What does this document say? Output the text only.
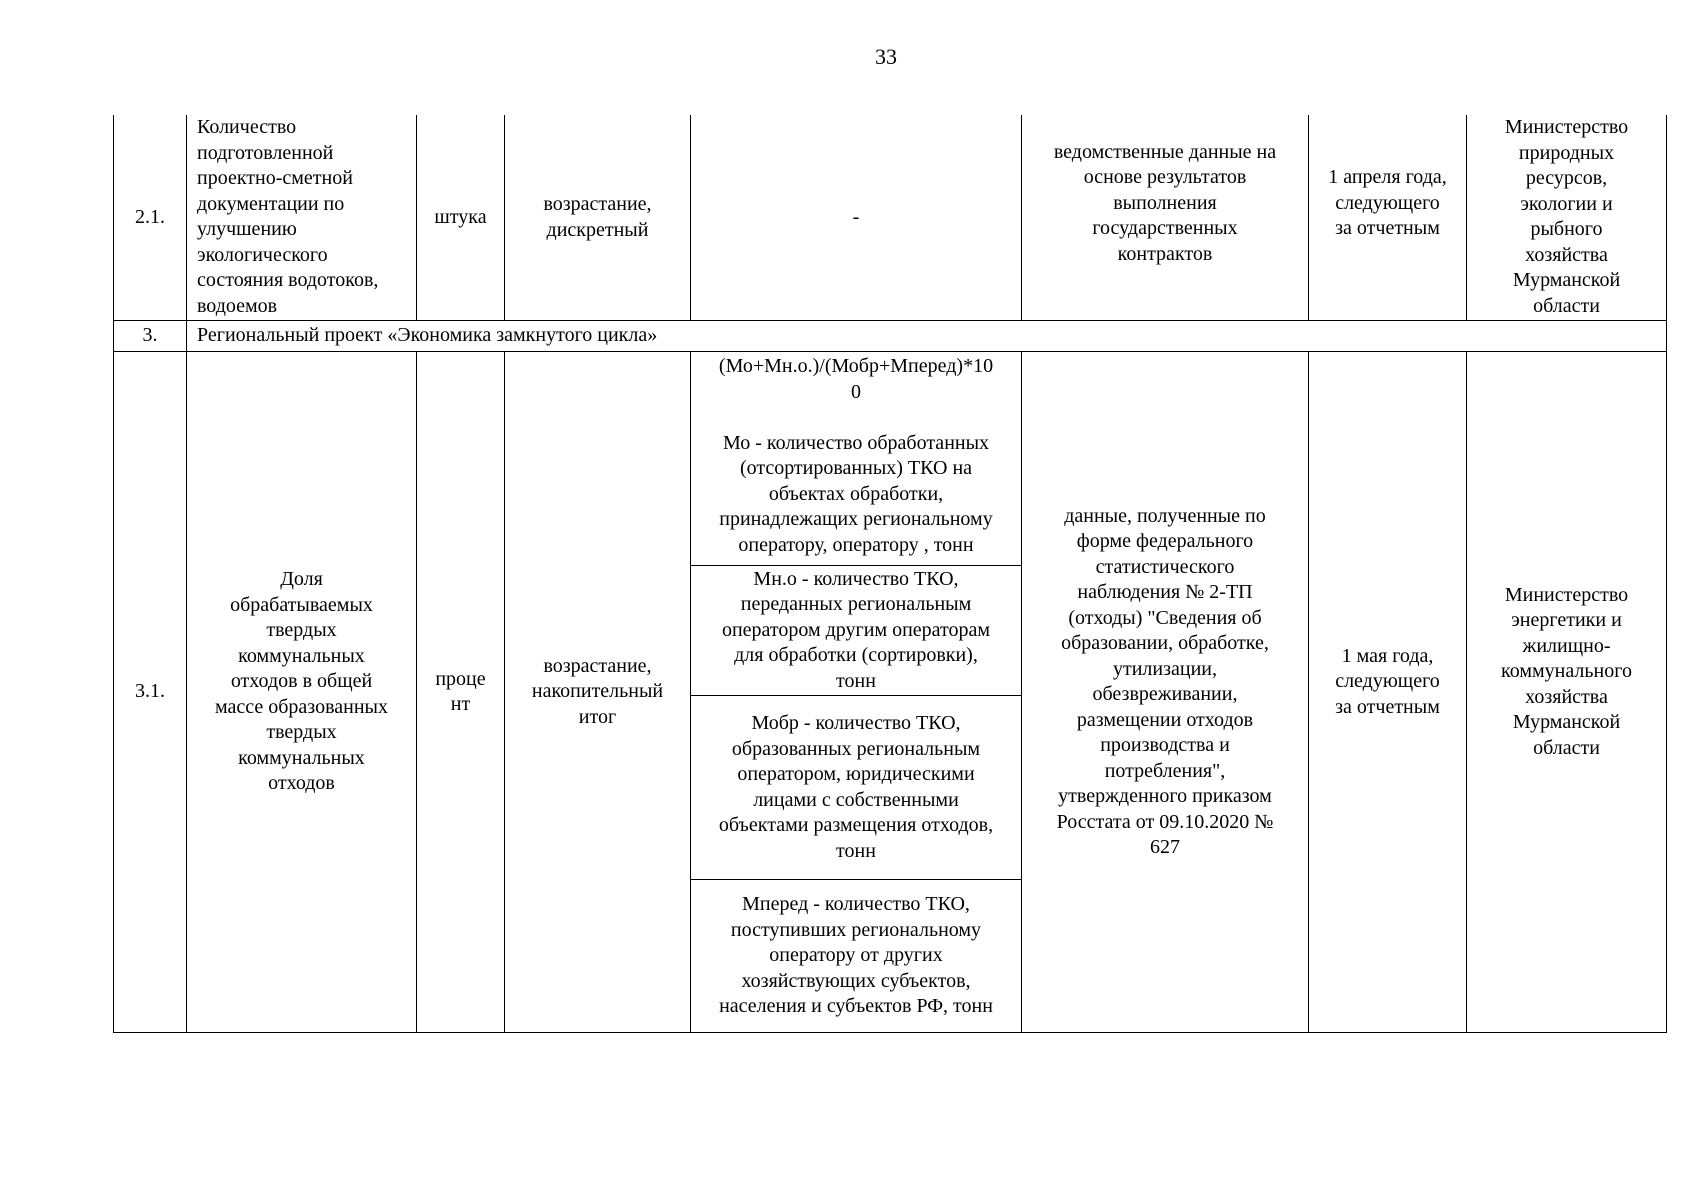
33
2.1.
Количество
подготовленной
проектно-сметной
документации по
улучшению
экологического
состояния водотоков,
водоемов
штука
возрастание,
дискретный
-
ведомственные данные на
основе результатов
выполнения
государственных
контрактов
1 апреля года,
следующего
за отчетным
Министерство
природных
ресурсов,
экологии и
рыбного
хозяйства
Мурманской
области
3.	Региональный проект «Экономика замкнутого цикла»
3.1.
Доля
обрабатываемых
твердых
коммунальных
отходов в общей
массе образованных
твердых
коммунальных
отходов
проце
нт
возрастание,
накопительный
итог
(Мо+Мн.о.)/(Мобр+Мперед)*10
0

Мо - количество обработанных
(отсортированных) ТКО на
объектах обработки,
принадлежащих региональному
оператору, оператору , тонн
Мн.о - количество ТКО,
переданных региональным
оператором другим операторам
для обработки (сортировки),
тонн
Мобр - количество ТКО,
образованных региональным
оператором, юридическими
лицами с собственными
объектами размещения отходов,
тонн
Мперед - количество ТКО,
поступивших региональному
оператору от других
хозяйствующих субъектов,
населения и субъектов РФ, тонн
данные, полученные по
форме федерального
статистического
наблюдения № 2-ТП
(отходы) "Сведения об
образовании, обработке,
утилизации,
обезвреживании,
размещении отходов
производства и
потребления",
утвержденного приказом
Росстата от 09.10.2020 №
627
1 мая года,
следующего
за отчетным
Министерство
энергетики и
жилищно-
коммунального
хозяйства
Мурманской
области
